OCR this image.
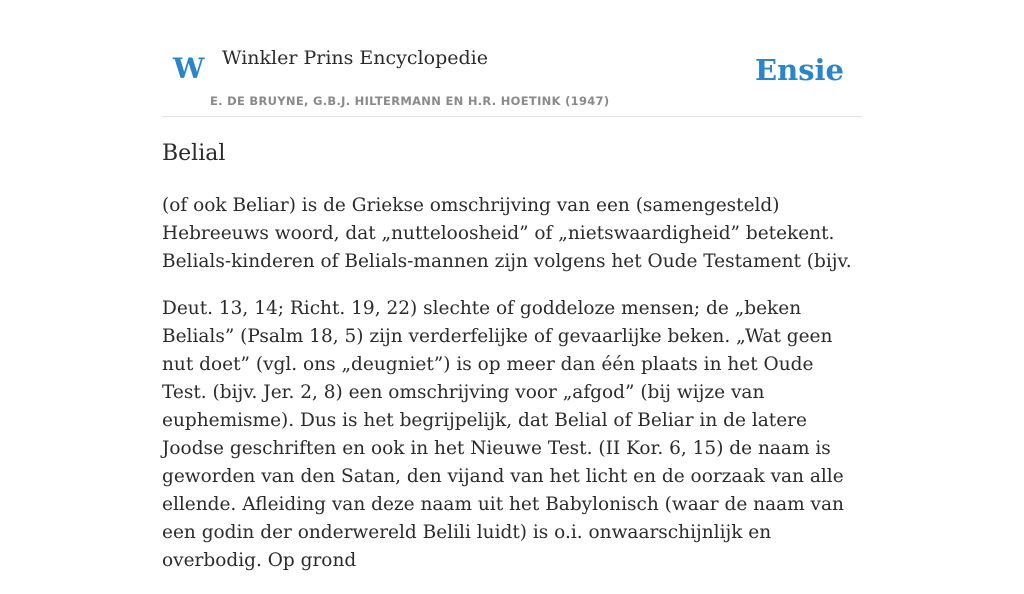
W Winkler Prins Encyclopedie
E. DE BRUYNE, G.B.J. HILTERMANN EN H.R. HOETINK (1947)
Ensie
Belial

(of ook Beliar) is de Griekse omschrijving van een (samengesteld) Hebreeuws woord, dat „nutteloosheid” of „nietswaardigheid” betekent. Belials-kinderen of Belials-mannen zijn volgens het Oude Testament (bijv.

Deut. 13, 14; Richt. 19, 22) slechte of goddeloze mensen; de „beken Belials” (Psalm 18, 5) zijn verderfelijke of gevaarlijke beken. „Wat geen nut doet” (vgl. ons „deugniet”) is op meer dan één plaats in het Oude Test. (bijv. Jer. 2, 8) een omschrijving voor „afgod” (bij wijze van euphemisme). Dus is het begrijpelijk, dat Belial of Beliar in de latere Joodse geschriften en ook in het Nieuwe Test. (II Kor. 6, 15) de naam is geworden van den Satan, den vijand van het licht en de oorzaak van alle ellende. Afleiding van deze naam uit het Babylonisch (waar de naam van een godin der onderwereld Belili luidt) is o.i. onwaarschijnlijk en overbodig. Op grond
